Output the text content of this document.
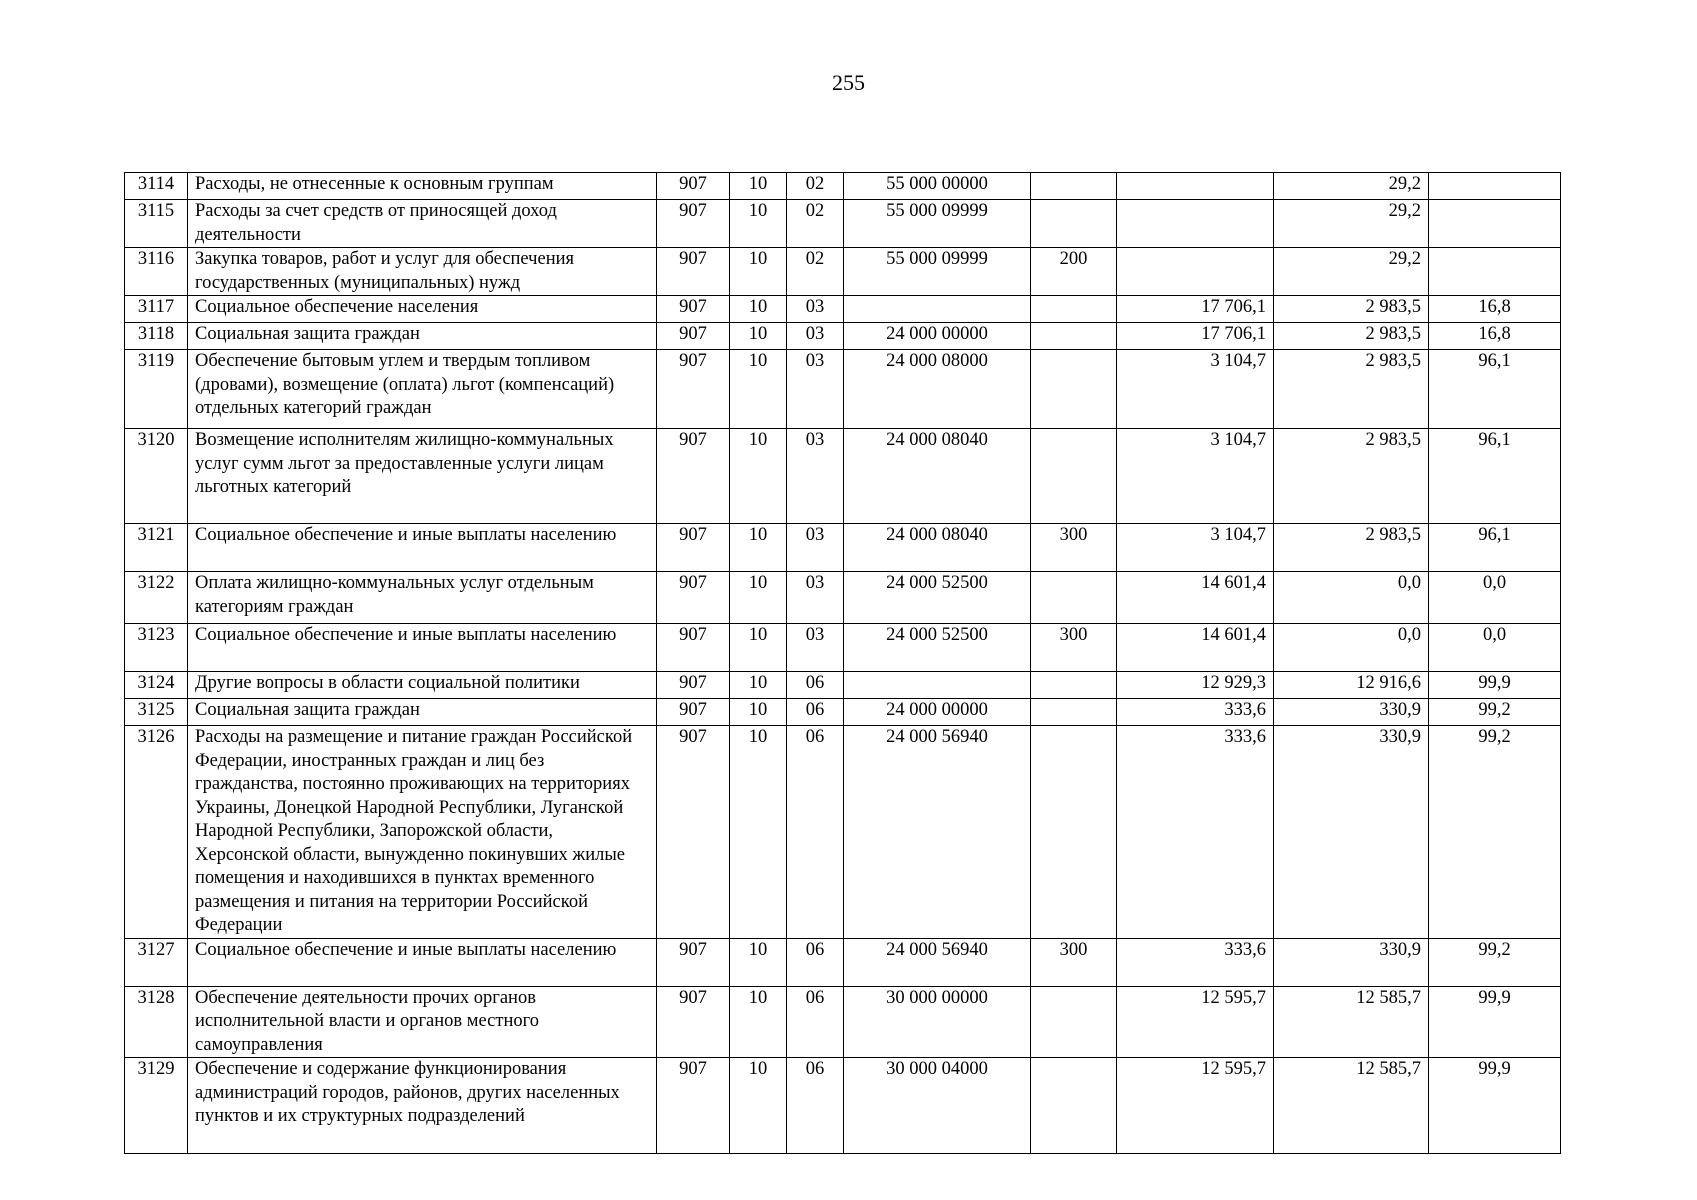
255
3114	Расходы, не отнесенные к основным группам	907	10	02	55 000 00000			29,2	
3115	Расходы за счет средств от приносящей доход деятельности	907	10	02	55 000 09999			29,2	
3116	Закупка товаров, работ и услуг для обеспечения государственных (муниципальных) нужд	907	10	02	55 000 09999	200		29,2	
3117	Социальное обеспечение населения	907	10	03			17 706,1	2 983,5	16,8
3118	Социальная защита граждан	907	10	03	24 000 00000		17 706,1	2 983,5	16,8
3119	Обеспечение бытовым углем и твердым топливом (дровами), возмещение (оплата) льгот (компенсаций) отдельных категорий граждан	907	10	03	24 000 08000		3 104,7	2 983,5	96,1
3120	Возмещение исполнителям жилищно-коммунальных услуг сумм льгот за предоставленные услуги лицам льготных категорий	907	10	03	24 000 08040		3 104,7	2 983,5	96,1
3121	Социальное обеспечение и иные выплаты населению	907	10	03	24 000 08040	300	3 104,7	2 983,5	96,1
3122	Оплата жилищно-коммунальных услуг отдельным категориям граждан	907	10	03	24 000 52500		14 601,4	0,0	0,0
3123	Социальное обеспечение и иные выплаты населению	907	10	03	24 000 52500	300	14 601,4	0,0	0,0
3124	Другие вопросы в области социальной политики	907	10	06			12 929,3	12 916,6	99,9
3125	Социальная защита граждан	907	10	06	24 000 00000		333,6	330,9	99,2
3126	Расходы на размещение и питание граждан Российской Федерации, иностранных граждан и лиц без гражданства, постоянно проживающих на территориях Украины, Донецкой Народной Республики, Луганской Народной Республики, Запорожской области, Херсонской области, вынужденно покинувших жилые помещения и находившихся в пунктах временного размещения и питания на территории Российской Федерации	907	10	06	24 000 56940		333,6	330,9	99,2
3127	Социальное обеспечение и иные выплаты населению	907	10	06	24 000 56940	300	333,6	330,9	99,2
3128	Обеспечение деятельности прочих органов исполнительной власти и органов местного самоуправления	907	10	06	30 000 00000		12 595,7	12 585,7	99,9
3129	Обеспечение и содержание функционирования администраций городов, районов, других населенных пунктов и их структурных подразделений	907	10	06	30 000 04000		12 595,7	12 585,7	99,9
